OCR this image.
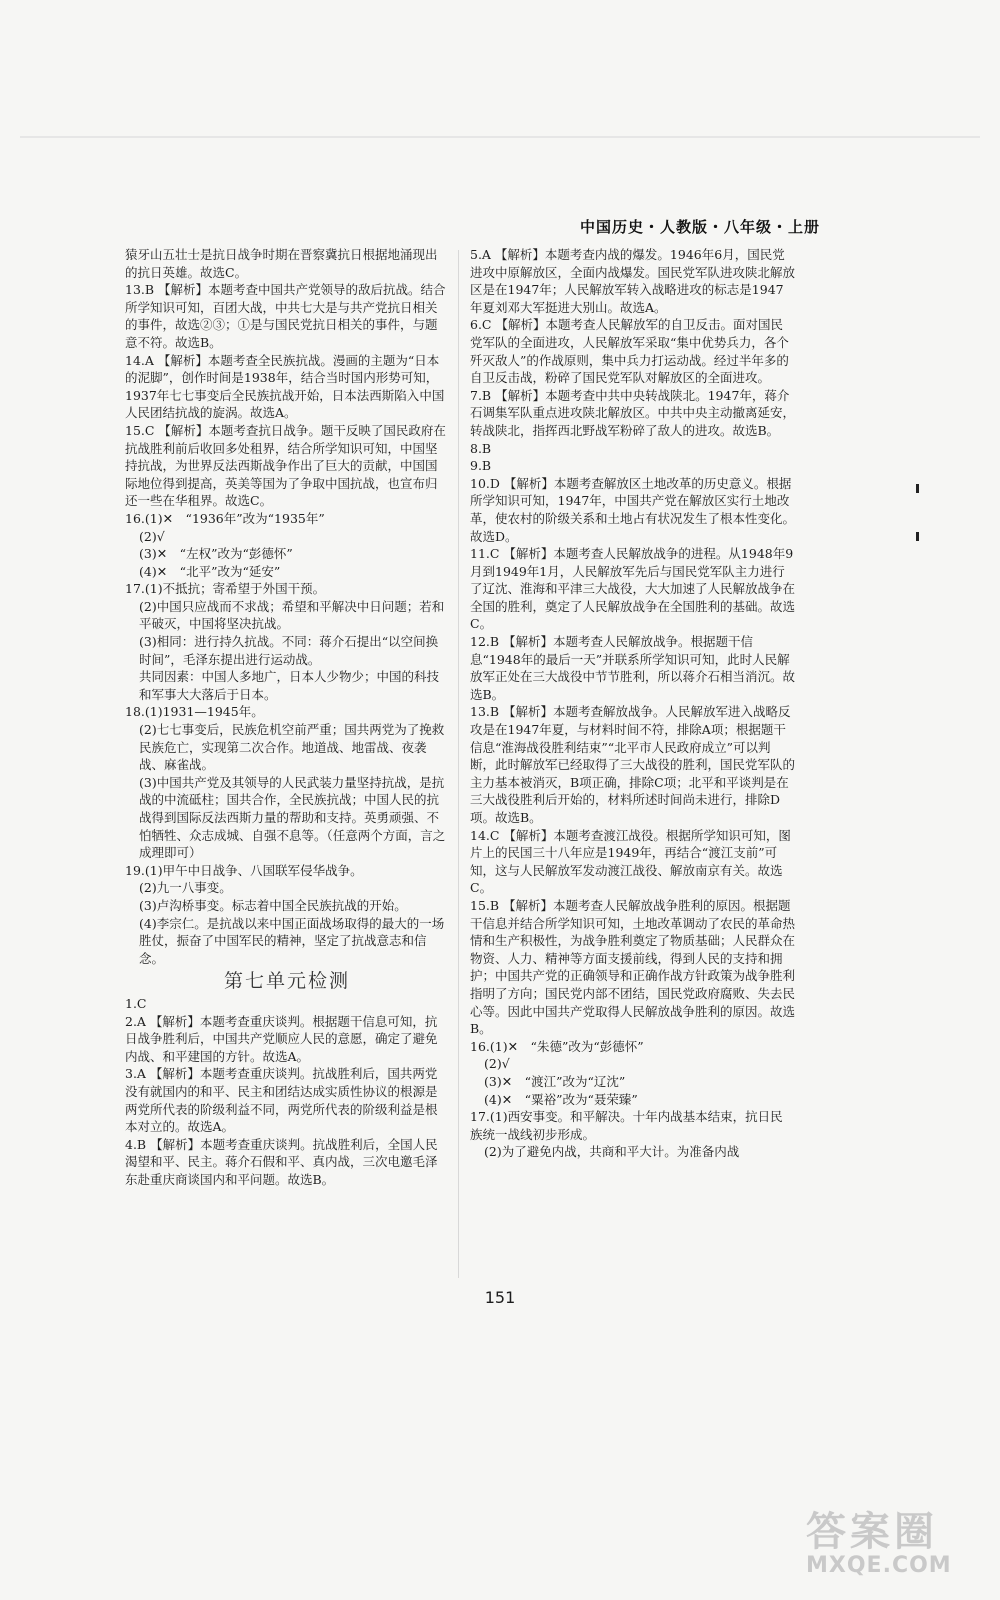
中国历史・人教版・八年级・上册
猿牙山五壮士是抗日战争时期在晋察冀抗日根据地涌现出的抗日英雄。故选C。
13.B 【解析】本题考查中国共产党领导的敌后抗战。结合所学知识可知，百团大战，中共七大是与共产党抗日相关的事件，故选②③；①是与国民党抗日相关的事件，与题意不符。故选B。
14.A 【解析】本题考查全民族抗战。漫画的主题为“日本的泥脚”，创作时间是1938年，结合当时国内形势可知，1937年七七事变后全民族抗战开始，日本法西斯陷入中国人民团结抗战的旋涡。故选A。
15.C 【解析】本题考查抗日战争。题干反映了国民政府在抗战胜利前后收回多处租界，结合所学知识可知，中国坚持抗战，为世界反法西斯战争作出了巨大的贡献，中国国际地位得到提高，英美等国为了争取中国抗战，也宣布归还一些在华租界。故选C。
16.(1)✕　“1936年”改为“1935年”
(2)√
(3)✕　“左权”改为“彭德怀”
(4)✕　“北平”改为“延安”
17.(1)不抵抗；寄希望于外国干预。
(2)中国只应战而不求战；希望和平解决中日问题；若和平破灭，中国将坚决抗战。
(3)相同：进行持久抗战。不同：蒋介石提出“以空间换时间”，毛泽东提出进行运动战。
共同因素：中国人多地广，日本人少物少；中国的科技和军事大大落后于日本。
18.(1)1931—1945年。
(2)七七事变后，民族危机空前严重；国共两党为了挽救民族危亡，实现第二次合作。地道战、地雷战、夜袭战、麻雀战。
(3)中国共产党及其领导的人民武装力量坚持抗战，是抗战的中流砥柱；国共合作，全民族抗战；中国人民的抗战得到国际反法西斯力量的帮助和支持。英勇顽强、不怕牺牲、众志成城、自强不息等。（任意两个方面，言之成理即可）
19.(1)甲午中日战争、八国联军侵华战争。
(2)九一八事变。
(3)卢沟桥事变。标志着中国全民族抗战的开始。
(4)李宗仁。是抗战以来中国正面战场取得的最大的一场胜仗，振奋了中国军民的精神，坚定了抗战意志和信念。
第七单元检测
1.C
2.A 【解析】本题考查重庆谈判。根据题干信息可知，抗日战争胜利后，中国共产党顺应人民的意愿，确定了避免内战、和平建国的方针。故选A。
3.A 【解析】本题考查重庆谈判。抗战胜利后，国共两党没有就国内的和平、民主和团结达成实质性协议的根源是两党所代表的阶级利益不同，两党所代表的阶级利益是根本对立的。故选A。
4.B 【解析】本题考查重庆谈判。抗战胜利后，全国人民渴望和平、民主。蒋介石假和平、真内战，三次电邀毛泽东赴重庆商谈国内和平问题。故选B。
5.A 【解析】本题考查内战的爆发。1946年6月，国民党进攻中原解放区，全面内战爆发。国民党军队进攻陕北解放区是在1947年；人民解放军转入战略进攻的标志是1947年夏刘邓大军挺进大别山。故选A。
6.C 【解析】本题考查人民解放军的自卫反击。面对国民党军队的全面进攻，人民解放军采取“集中优势兵力，各个歼灭敌人”的作战原则，集中兵力打运动战。经过半年多的自卫反击战，粉碎了国民党军队对解放区的全面进攻。
7.B 【解析】本题考查中共中央转战陕北。1947年，蒋介石调集军队重点进攻陕北解放区。中共中央主动撤离延安，转战陕北，指挥西北野战军粉碎了敌人的进攻。故选B。
8.B
9.B
10.D 【解析】本题考查解放区土地改革的历史意义。根据所学知识可知，1947年，中国共产党在解放区实行土地改革，使农村的阶级关系和土地占有状况发生了根本性变化。故选D。
11.C 【解析】本题考查人民解放战争的进程。从1948年9月到1949年1月，人民解放军先后与国民党军队主力进行了辽沈、淮海和平津三大战役，大大加速了人民解放战争在全国的胜利，奠定了人民解放战争在全国胜利的基础。故选C。
12.B 【解析】本题考查人民解放战争。根据题干信息“1948年的最后一天”并联系所学知识可知，此时人民解放军正处在三大战役中节节胜利，所以蒋介石相当消沉。故选B。
13.B 【解析】本题考查解放战争。人民解放军进入战略反攻是在1947年夏，与材料时间不符，排除A项；根据题干信息“淮海战役胜利结束”“北平市人民政府成立”可以判断，此时解放军已经取得了三大战役的胜利，国民党军队的主力基本被消灭，B项正确，排除C项；北平和平谈判是在三大战役胜利后开始的，材料所述时间尚未进行，排除D项。故选B。
14.C 【解析】本题考查渡江战役。根据所学知识可知，图片上的民国三十八年应是1949年，再结合“渡江支前”可知，这与人民解放军发动渡江战役、解放南京有关。故选C。
15.B 【解析】本题考查人民解放战争胜利的原因。根据题干信息并结合所学知识可知，土地改革调动了农民的革命热情和生产积极性，为战争胜利奠定了物质基础；人民群众在物资、人力、精神等方面支援前线，得到人民的支持和拥护；中国共产党的正确领导和正确作战方针政策为战争胜利指明了方向；国民党内部不团结，国民党政府腐败、失去民心等。因此中国共产党取得人民解放战争胜利的原因。故选B。
16.(1)✕　“朱德”改为“彭德怀”
(2)√
(3)✕　“渡江”改为“辽沈”
(4)✕　“粟裕”改为“聂荣臻”
17.(1)西安事变。和平解决。十年内战基本结束，抗日民族统一战线初步形成。
(2)为了避免内战，共商和平大计。为准备内战
151
答案圈
MXQE.COM
